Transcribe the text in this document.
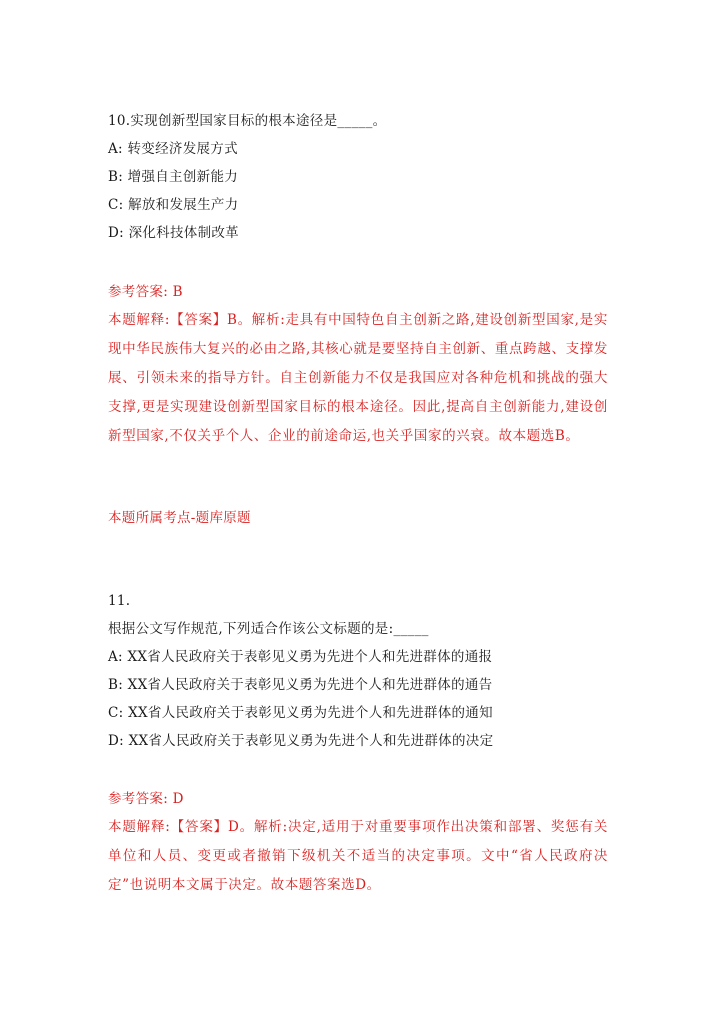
10.实现创新型国家目标的根本途径是_____。
A: 转变经济发展方式
B: 增强自主创新能力
C: 解放和发展生产力
D: 深化科技体制改革
参考答案: B
本题解释:【答案】B。解析:走具有中国特色自主创新之路,建设创新型国家,是实现中华民族伟大复兴的必由之路,其核心就是要坚持自主创新、重点跨越、支撑发展、引领未来的指导方针。自主创新能力不仅是我国应对各种危机和挑战的强大支撑,更是实现建设创新型国家目标的根本途径。因此,提高自主创新能力,建设创新型国家,不仅关乎个人、企业的前途命运,也关乎国家的兴衰。故本题选B。
本题所属考点-题库原题
11.
根据公文写作规范,下列适合作该公文标题的是:_____
A: XX省人民政府关于表彰见义勇为先进个人和先进群体的通报
B: XX省人民政府关于表彰见义勇为先进个人和先进群体的通告
C: XX省人民政府关于表彰见义勇为先进个人和先进群体的通知
D: XX省人民政府关于表彰见义勇为先进个人和先进群体的决定
参考答案: D
本题解释:【答案】D。解析:决定,适用于对重要事项作出决策和部署、奖惩有关单位和人员、变更或者撤销下级机关不适当的决定事项。文中“省人民政府决定”也说明本文属于决定。故本题答案选D。
